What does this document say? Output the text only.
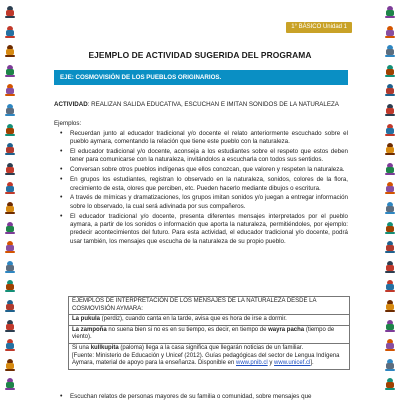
1° BÁSICO Unidad 1
EJEMPLO DE ACTIVIDAD SUGERIDA DEL PROGRAMA
EJE: COSMOVISIÓN DE LOS PUEBLOS ORIGINARIOS.
ACTIVIDAD: REALIZAN SALIDA EDUCATIVA, ESCUCHAN E IMITAN SONIDOS DE LA NATURALEZA
Ejemplos:
• Recuerdan junto al educador tradicional y/o docente el relato anteriormente escuchado sobre el pueblo aymara, comentando la relación que tiene este pueblo con la naturaleza.
• El educador tradicional y/o docente, aconseja a los estudiantes sobre el respeto que estos deben tener para comunicarse con la naturaleza, invitándolos a escucharla con todos sus sentidos.
• Conversan sobre otros pueblos indígenas que ellos conozcan, que valoren y respeten la naturaleza.
• En grupos los estudiantes, registran lo observado en la naturaleza, sonidos, colores de la flora, crecimiento de esta, olores que perciben, etc. Pueden hacerlo mediante dibujos o escritura.
• A través de mímicas y dramatizaciones, los grupos imitan sonidos y/o juegan a entregar información sobre lo observado, la cual será adivinada por sus compañeros.
• El educador tradicional y/o docente, presenta diferentes mensajes interpretados por el pueblo aymara, a partir de los sonidos o información que aporta la naturaleza, permitiéndoles, por ejemplo: predecir acontecimientos del futuro. Para esta actividad, el educador tradicional y/o docente, podrá usar también, los mensajes que escucha de la naturaleza de su propio pueblo.
EJEMPLOS DE INTERPRETACIÓN DE LOS MENSAJES DE LA NATURALEZA DESDE LA COSMOVISIÓN AYMARA:
La pukula (perdiz), cuando canta en la tarde, avisa que es hora de irse a dormir.
La zampoña no suena bien si no es en su tiempo, es decir, en tiempo de wayra pacha (tiempo de viento).
Si una kullkupita (paloma) llega a la casa significa que llegarán noticias de un familiar.
[Fuente: Ministerio de Educación y Unicef (2012). Guías pedagógicas del sector de Lengua Indígena Aymara, material de apoyo para la enseñanza. Disponible en www.pnib.cl y www.unicef.cl].
• Escuchan relatos de personas mayores de su familia o comunidad, sobre mensajes que
